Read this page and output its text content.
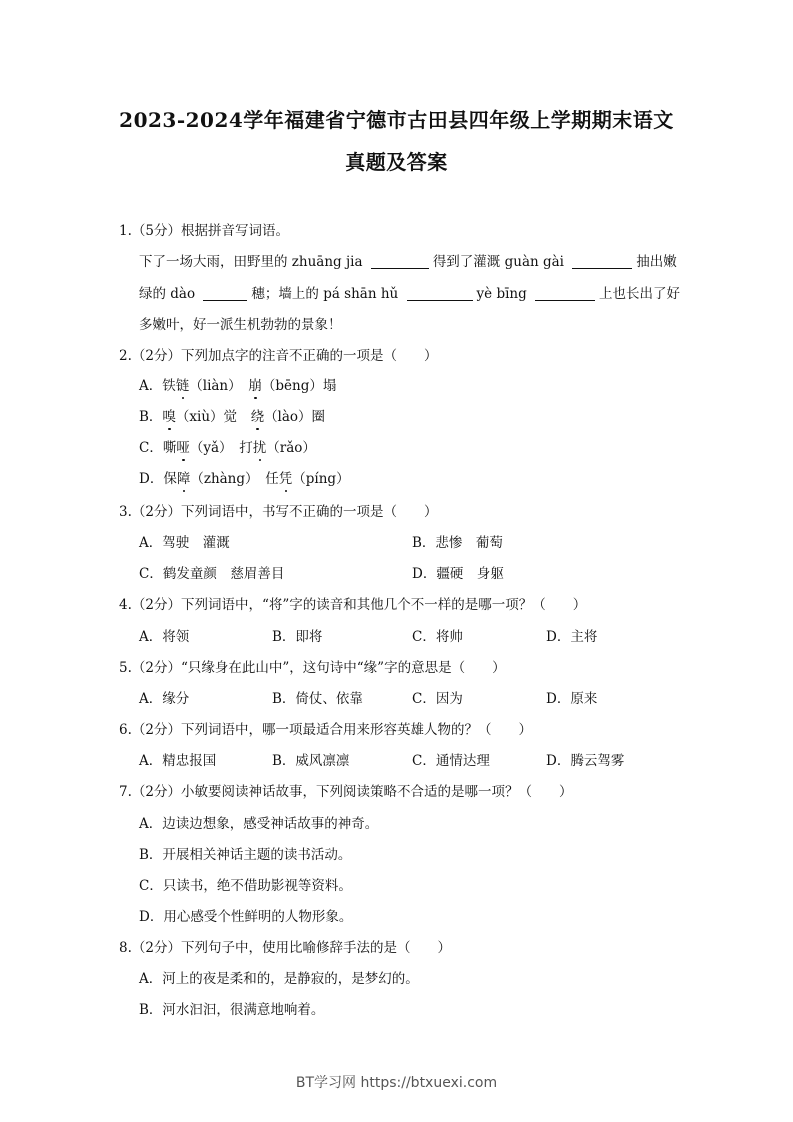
2023-2024学年福建省宁德市古田县四年级上学期期末语文
真题及答案
1.（5分）根据拼音写词语。
下了一场大雨，田野里的 zhuāng jia	得到了灌溉 guàn gài	抽出嫩
绿的 dào	穗；墙上的 pá shān hǔ	yè bīng	上也长出了好
多嫩叶，好一派生机勃勃的景象！
2.（2分）下列加点字的注音不正确的一项是（　　）
A．铁链（liàn）　崩（bēng）塌
B．嗅（xiù）觉　绕（lào）圈
C．嘶哑（yǎ）　打扰（rǎo）
D．保障（zhàng）　任凭（píng）
3.（2分）下列词语中，书写不正确的一项是（　　）
A．驾驶　灌溉	B．悲惨　葡萄
C．鹤发童颜　慈眉善目	D．疆硬　身躯
4.（2分）下列词语中，“将”字的读音和其他几个不一样的是哪一项？（　　）
A．将领	B．即将	C．将帅	D．主将
5.（2分）“只缘身在此山中”，这句诗中“缘”字的意思是（　　）
A．缘分	B．倚仗、依靠	C．因为	D．原来
6.（2分）下列词语中，哪一项最适合用来形容英雄人物的？（　　）
A．精忠报国	B．威风凛凛	C．通情达理	D．腾云驾雾
7.（2分）小敏要阅读神话故事，下列阅读策略不合适的是哪一项？（　　）
A．边读边想象，感受神话故事的神奇。
B．开展相关神话主题的读书活动。
C．只读书，绝不借助影视等资料。
D．用心感受个性鲜明的人物形象。
8.（2分）下列句子中，使用比喻修辞手法的是（　　）
A．河上的夜是柔和的，是静寂的，是梦幻的。
B．河水汩汩，很满意地响着。
BT学习网 https://btxuexi.com
